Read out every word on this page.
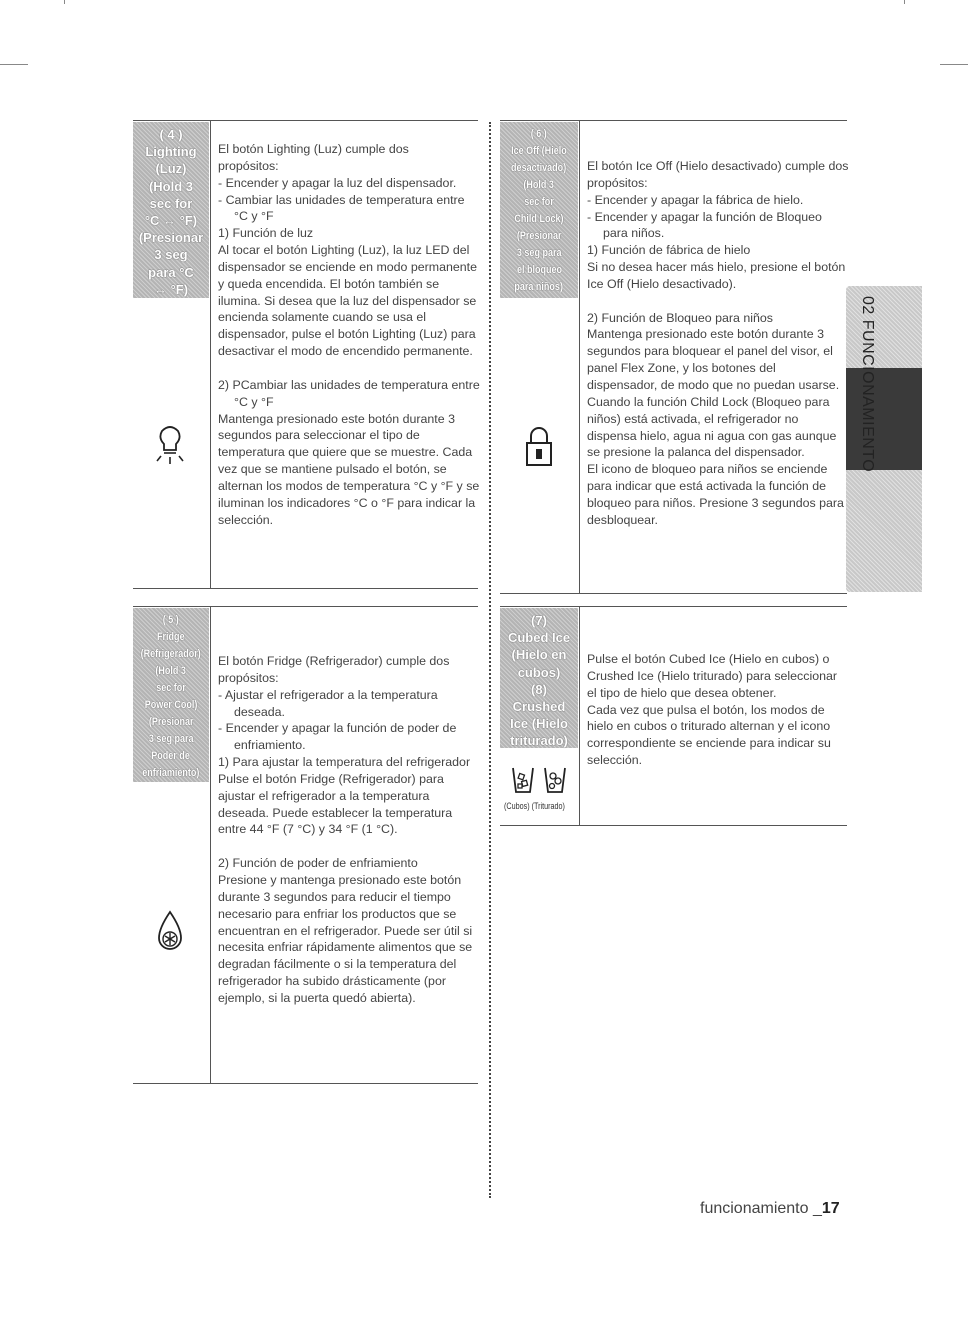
( 4 )
Lighting
(Luz)
(Hold 3
sec for
°C ↔ °F)
(Presionar
3 seg
para °C
↔ °F)

El botón Lighting (Luz) cumple dos

propósitos:

- Encender y apagar la luz del dispensador.

- Cambiar las unidades de temperatura entre °C y °F

1) Función de luz

Al tocar el botón Lighting (Luz), la luz LED del dispensador se enciende en modo permanente y queda encendida. El botón también se ilumina. Si desea que la luz del dispensador se encienda solamente cuando se usa el dispensador, pulse el botón Lighting (Luz) para desactivar el modo de encendido permanente.

2) PCambiar las unidades de temperatura entre °C y °F

Mantenga presionado este botón durante 3 segundos para seleccionar el tipo de temperatura que quiere que se muestre. Cada vez que se mantiene pulsado el botón, se alternan los modos de temperatura °C y °F y se iluminan los indicadores °C o °F para indicar la selección.

( 5 )
Fridge
(Refrigerador)
(Hold 3
sec for
Power Cool)
(Presionar
3 seg para
Poder de
enfriamiento)

El botón Fridge (Refrigerador) cumple dos propósitos:

- Ajustar el refrigerador a la temperatura deseada.

- Encender y apagar la función de poder de enfriamiento.

1) Para ajustar la temperatura del refrigerador

Pulse el botón Fridge (Refrigerador) para ajustar el refrigerador a la temperatura deseada. Puede establecer la temperatura entre 44 °F (7 °C) y 34 °F (1 °C).

2) Función de poder de enfriamiento

Presione y mantenga presionado este botón durante 3 segundos para reducir el tiempo necesario para enfriar los productos que se encuentran en el refrigerador. Puede ser útil si necesita enfriar rápidamente alimentos que se degradan fácilmente o si la temperatura del refrigerador ha subido drásticamente (por ejemplo, si la puerta quedó abierta).

( 6 )
Ice Off (Hielo
desactivado)
(Hold 3
sec for
Child Lock)
(Presionar
3 seg para
el bloqueo
para niños)

El botón Ice Off (Hielo desactivado) cumple dos propósitos:

- Encender y apagar la fábrica de hielo.

- Encender y apagar la función de Bloqueo para niños.

1) Función de fábrica de hielo

Si no desea hacer más hielo, presione el botón Ice Off (Hielo desactivado).

2) Función de Bloqueo para niños

Mantenga presionado este botón durante 3 segundos para bloquear el panel del visor, el panel Flex Zone, y los botones del dispensador, de modo que no puedan usarse.

Cuando la función Child Lock (Bloqueo para niños) está activada, el refrigerador no dispensa hielo, agua ni agua con gas aunque se presione la palanca del dispensador.

El icono de bloqueo para niños se enciende para indicar que está activada la función de bloqueo para niños. Presione 3 segundos para desbloquear.

(7)
Cubed Ice
(Hielo en
cubos)
(8)
Crushed
Ice (Hielo
triturado)
(Cubos) (Triturado)

Pulse el botón Cubed Ice (Hielo en cubos) o Crushed Ice (Hielo triturado) para seleccionar el tipo de hielo que desea obtener.

Cada vez que pulsa el botón, los modos de hielo en cubos o triturado alternan y el icono correspondiente se enciende para indicar su selección.

02 FUNCIONAMIENTO
funcionamiento _17
